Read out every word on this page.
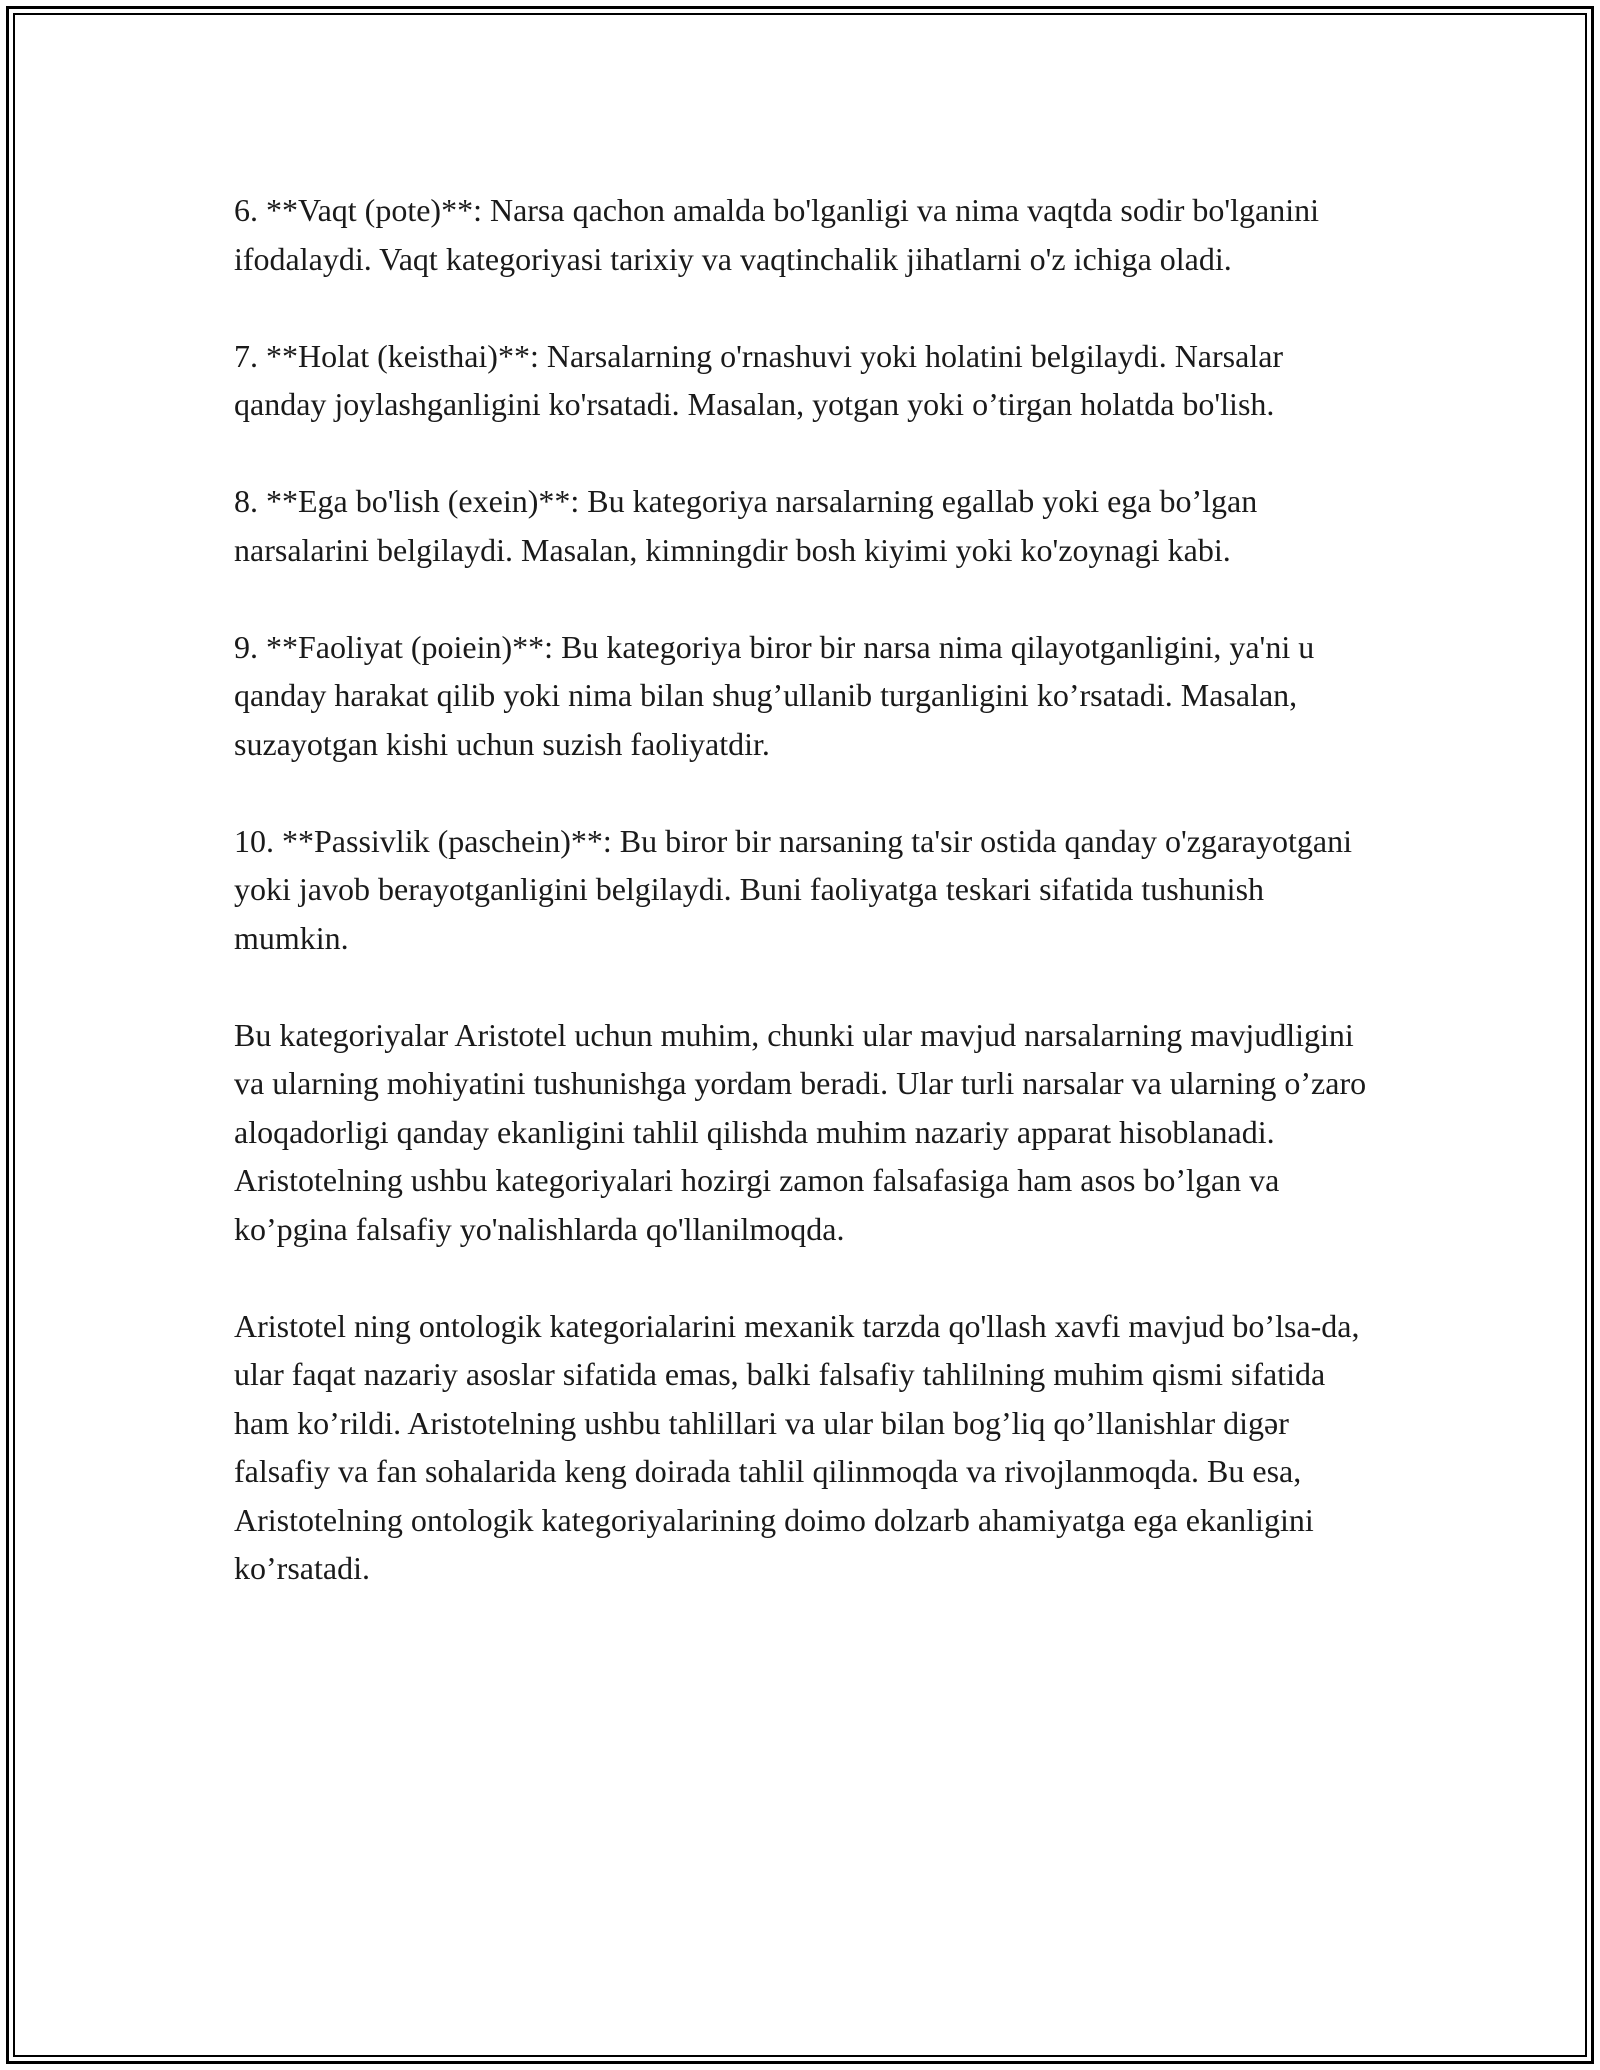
6. **Vaqt (pote)**: Narsa qachon amalda bo'lganligi va nima vaqtda sodir bo'lganini ifodalaydi. Vaqt kategoriyasi tarixiy va vaqtinchalik jihatlarni o'z ichiga oladi.

7. **Holat (keisthai)**: Narsalarning o'rnashuvi yoki holatini belgilaydi. Narsalar qanday joylashganligini ko'rsatadi. Masalan, yotgan yoki o’tirgan holatda bo'lish.

8. **Ega bo'lish (exein)**: Bu kategoriya narsalarning egallab yoki ega bo’lgan narsalarini belgilaydi. Masalan, kimningdir bosh kiyimi yoki ko'zoynagi kabi.

9. **Faoliyat (poiein)**: Bu kategoriya biror bir narsa nima qilayotganligini, ya'ni u qanday harakat qilib yoki nima bilan shug’ullanib turganligini ko’rsatadi. Masalan, suzayotgan kishi uchun suzish faoliyatdir.

10. **Passivlik (paschein)**: Bu biror bir narsaning ta'sir ostida qanday o'zgarayotgani yoki javob berayotganligini belgilaydi. Buni faoliyatga teskari sifatida tushunish mumkin.

Bu kategoriyalar Aristotel uchun muhim, chunki ular mavjud narsalarning mavjudligini va ularning mohiyatini tushunishga yordam beradi. Ular turli narsalar va ularning o’zaro aloqadorligi qanday ekanligini tahlil qilishda muhim nazariy apparat hisoblanadi. Aristotelning ushbu kategoriyalari hozirgi zamon falsafasiga ham asos bo’lgan va ko’pgina falsafiy yo'nalishlarda qo'llanilmoqda.

Aristotel ning ontologik kategorialarini mexanik tarzda qo'llash xavfi mavjud bo’lsa-da, ular faqat nazariy asoslar sifatida emas, balki falsafiy tahlilning muhim qismi sifatida ham ko’rildi. Aristotelning ushbu tahlillari va ular bilan bog’liq qo’llanishlar digər falsafiy va fan sohalarida keng doirada tahlil qilinmoqda va rivojlanmoqda. Bu esa, Aristotelning ontologik kategoriyalarining doimo dolzarb ahamiyatga ega ekanligini ko’rsatadi.
